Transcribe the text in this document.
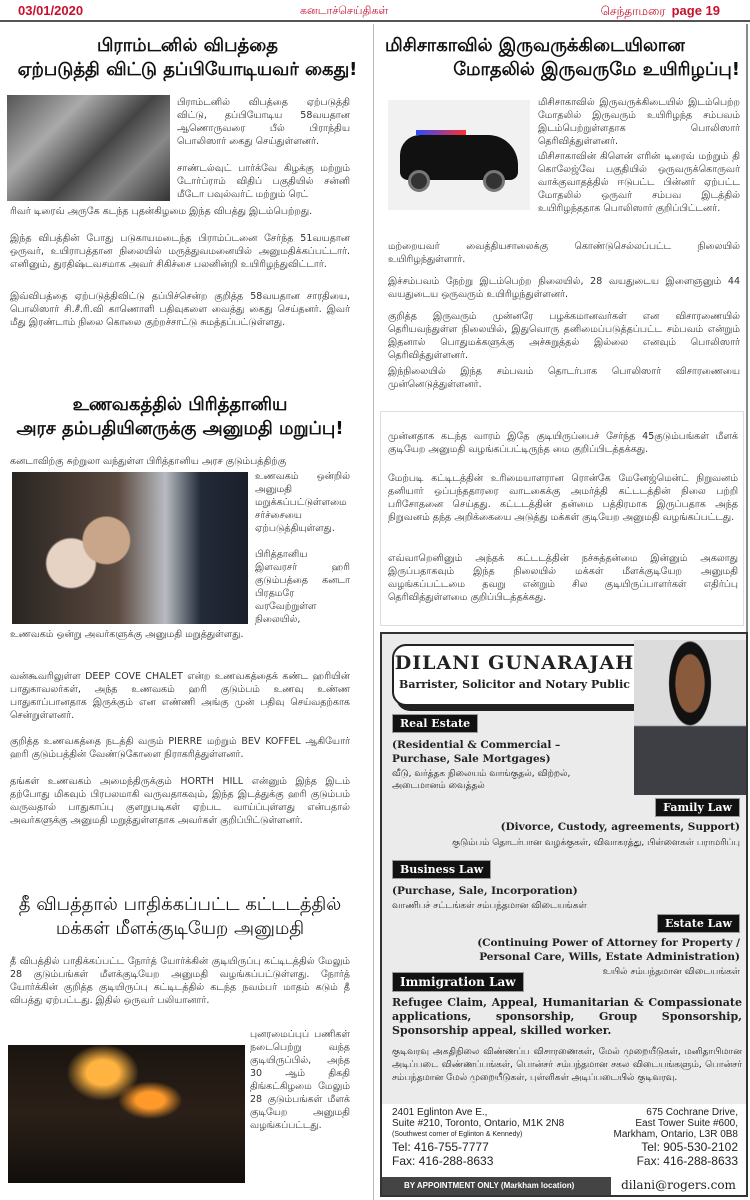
03/01/2020	கனடாச்செய்திகள்	செந்தாமரை page 19
பிராம்டனில் விபத்தை
ஏற்படுத்தி விட்டு தப்பியோடியவர் கைது!
பிராம்டனில் விபத்தை ஏற்படுத்தி விட்டு, தப்பியோடிய 58வயதான ஆணொருவரை பீல் பிராந்திய பொலிஸார் கைது செய்துள்ளனர்.
சாண்டல்வுட் பார்க்வே கிழக்கு மற்றும் டோர்ப்ராம் விதிப் பகுதியில் சன்னி மீடோ பவுல்வர்ட் மற்றும் ரெட்
ரிவர் டிரைவ் அருகே கடந்த புதன்கிழமை இந்த விபத்து இடம்பெற்றது.
இந்த விபத்தின் போது படுகாயமடைந்த பிராம்ப்டனை சேர்ந்த 51வயதான ஒருவர், உயிராபத்தான நிலையில் மருத்துவமனையில் அனுமதிக்கப்பட்டார். எனினும், துரதிஷ்டவசமாக அவர் சிகிச்சை பலனின்றி உயிரிழந்துவிட்டார்.
இவ்விபத்தை ஏற்படுத்திவிட்டு தப்பிச்சென்ற குறித்த 58வயதான சாரதியை, பொலிஸார் சி.சீ.ரி.வி காணொளி பதிவுகளை வைத்து கைது செய்தனர். இவர் மீது இரண்டாம் நிலை கொலை குற்றச்சாட்டு சுமத்தப்பட்டுள்ளது.
உணவகத்தில் பிரித்தானிய
அரச தம்பதியினருக்கு அனுமதி மறுப்பு!
கனடாவிற்கு சுற்றுலா வந்துள்ள பிரித்தானிய அரச குடும்பத்திற்கு
உணவகம் ஒன்றில் அனுமதி மறுக்கப்பட்டுள்ளமை சர்ச்சையை ஏற்படுத்தியுள்ளது.
பிரித்தானிய இளவரசர் ஹரி குடும்பத்தை கனடா பிரதமரே வரவேற்றுள்ள நிலையில்,
உணவகம் ஒன்று அவர்களுக்கு அனுமதி மறுத்துள்ளது.
வன்கூவரிலுள்ள DEEP COVE CHALET என்ற உணவகத்தைக் கண்ட ஹரியின் பாதுகாவலர்கள், அந்த உணவகம் ஹரி குடும்பம் உணவு உண்ண பாதுகாப்பானதாக இருக்கும் என எண்ணி அங்கு முன் பதிவு செய்வதற்காக சென்றுள்ளனர்.
குறித்த உணவகத்தை நடத்தி வரும் PIERRE மற்றும் BEV KOFFEL ஆகியோர் ஹரி குடும்பத்தின் வேண்டுகோளை நிராகரித்துள்ளனர்.
தங்கள் உணவகம் அமைந்திருக்கும் HORTH HILL என்னும் இந்த இடம் தற்போது மிகவும் பிரபலமாகி வருவதாகவும், இந்த இடத்துக்கு ஹரி குடும்பம் வருவதால் பாதுகாப்பு குளறுபடிகள் ஏற்பட வாய்ப்புள்ளது என்பதால் அவர்களுக்கு அனுமதி மறுத்துள்ளதாக அவர்கள் குறிப்பிட்டுள்ளனர்.
தீ விபத்தால் பாதிக்கப்பட்ட கட்டடத்தில்
மக்கள் மீளக்குடியேற அனுமதி
தீ விபத்தில் பாதிக்கப்பட்ட நோர்த் யோர்க்கின் குடியிருப்பு கட்டிடத்தில் மேலும் 28 குடும்பங்கள் மீளக்குடியேற அனுமதி வழங்கப்பட்டுள்ளது. நோர்த் யோர்க்கின் குறித்த குடியிருப்பு கட்டிடத்தில் கடந்த நவம்பர் மாதம் கடும் தீ விபத்து ஏற்பட்டது. இதில் ஒருவர் பலியானார்.
புனரமைப்புப் பணிகள் நடைபெற்று வந்த குடியிருப்பில், அந்த 30 ஆம் திகதி திங்கட்கிழமை மேலும் 28 குடும்பங்கள் மீளக் குடியேற அனுமதி வழங்கப்பட்டது.
மிசிசாகாவில் இருவருக்கிடையிலான
மோதலில் இருவருமே உயிரிழப்பு!
மிசிசாகாவில் இருவருக்கிடையில் இடம்பெற்ற மோதலில் இருவரும் உயிரிழந்த சம்பவம் இடம்பெற்றுள்ளதாக பொலிஸார் தெரிவித்துள்ளனர்.
மிசிசாகாவின் கிளென் எரின் டிரைவ் மற்றும் தி கொலேஜ்வே பகுதியில் ஒருவருக்கொருவர் வாக்குவாதத்தில் ஈடுபட்ட பின்னர் ஏற்பட்ட மோதலில் ஒருவர் சம்பவ இடத்தில் உயிரிழந்ததாக பொலிஸார் குறிப்பிட்டனர்.
மற்றையவர் வைத்தியசாலைக்கு கொண்டுசெல்லப்பட்ட நிலையில் உயிரிழந்துள்ளார்.
இச்சம்பவம் நேற்று இடம்பெற்ற நிலையில், 28 வயதுடைய இளைஞனும் 44 வயதுடைய ஒருவரும் உயிரிழந்துள்ளனர்.
குறித்த இருவரும் முன்னரே பழக்கமானவர்கள் என விசாரணையில் தெரியவந்துள்ள நிலையில், இதுவொரு தனிமைப்படுத்தப்பட்ட சம்பவம் என்றும் இதனால் பொதுமக்களுக்கு அச்சுறுத்தல் இல்லை எனவும் பொலிஸார் தெரிவித்துள்ளனர்.
இந்நிலையில் இந்த சம்பவம் தொடர்பாக பொலிஸார் விசாரணையை முன்னெடுத்துள்ளனர்.
முன்னதாக கடந்த வாரம் இதே குடியிருப்பைச் சேர்ந்த 45குடும்பங்கள் மீளக் குடியேற அனுமதி வழங்கப்பட்டிருந்த மை குறிப்பிடத்தக்கது.
மேற்படி கட்டிடத்தின் உரிமையாளரான ரொன்கே மேனேஜ்மென்ட் நிறுவனம் தனியார் ஒப்பந்ததாரரை வாடகைக்கு அமர்த்தி கட்டடத்தின் நிலை பற்றி பரிசோதனை செய்தது. கட்டடத்தின் தன்மை பத்திரமாக இருப்பதாக அந்த நிறுவனம் தந்த அறிக்கையை அடுத்து மக்கள் குடியேற அனுமதி வழங்கப்பட்டது.
எவ்வாறெனினும் அந்தக் கட்டடத்தின் நச்சுத்தன்மை இன்னும் அகலாது இருப்பதாகவும் இந்த நிலையில் மக்கள் மீளக்குடியேற அனுமதி வழங்கப்பட்டமை தவறு என்றும் சில குடியிருப்பாளர்கள் எதிர்ப்பு தெரிவித்துள்ளமை குறிப்பிடத்தக்கது.
DILANI GUNARAJAH
Barrister, Solicitor and Notary Public
Real Estate
(Residential & Commercial – Purchase, Sale Mortgages)
வீடு, வர்த்தக நிலையம் வாங்குதல், விற்றல், அடைமானம் வைத்தல்
Family Law
(Divorce, Custody, agreements, Support)
குடும்பம் தொடர்பான வழக்குகள், விவாகரத்து, பிள்ளைகள் பராமரிப்பு
Business Law
(Purchase, Sale, Incorporation)
வாணிபச் சட்டங்கள் சம்பந்தமான விடையங்கள்
Estate Law
(Continuing Power of Attorney for Property / Personal Care, Wills, Estate Administration)
உயில் சம்பந்தமான விடையங்கள்
Immigration Law
Refugee Claim, Appeal, Humanitarian & Compassionate applications, sponsorship, Group Sponsorship, Sponsorship appeal, skilled worker.
குடிவரவு அகதிநிலை விண்ணப்ப விசாரணைகள், மேல் முறையீடுகள், மனிதாபிமான அடிப்படை விண்ணப்பங்கள், பொன்சர் சம்பந்தமான சகல விடையங்களும், பொன்சர் சம்பந்தமான மேல் முறையீடுகள், புள்ளிகள் அடிப்படையில் குடிவரவு.
2401 Eglinton Ave E.,
Suite #210, Toronto, Ontario, M1K 2N8
(Southwest corner of Eglinton & Kennedy)
Tel: 416-755-7777
Fax: 416-288-8633
675 Cochrane Drive,
East Tower Suite #600,
Markham, Ontario, L3R 0B8
Tel: 905-530-2102
Fax: 416-288-8633
BY APPOINTMENT ONLY (Markham location)	dilani@rogers.com
